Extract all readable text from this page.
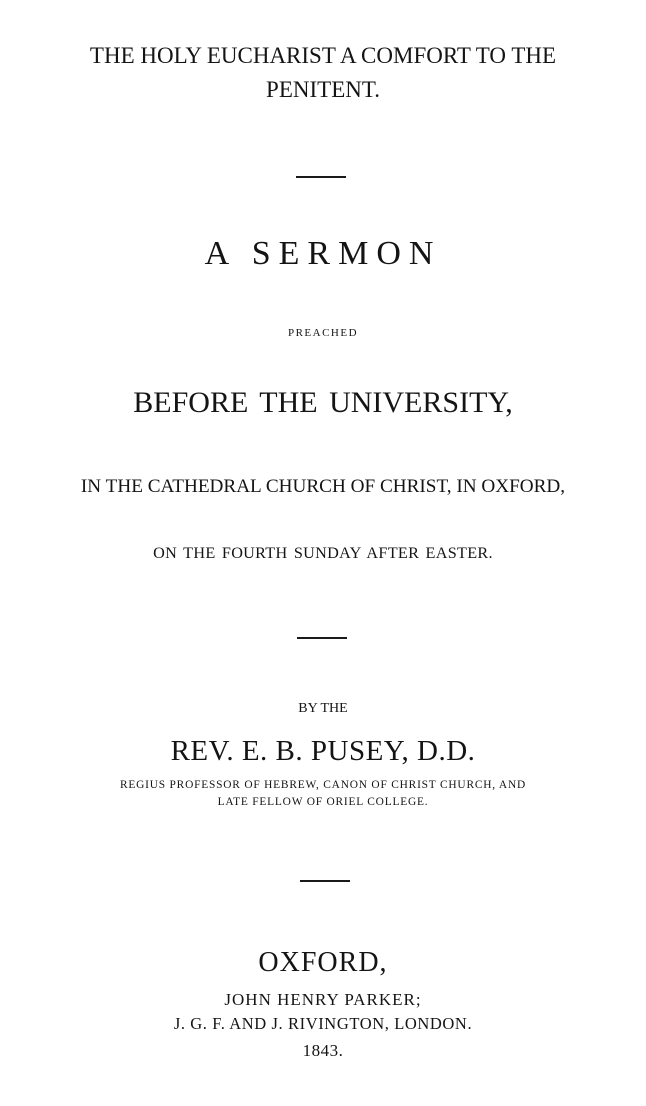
THE HOLY EUCHARIST A COMFORT TO THE
PENITENT.
A SERMON
PREACHED
BEFORE THE UNIVERSITY,
IN THE CATHEDRAL CHURCH OF CHRIST, IN OXFORD,
ON THE FOURTH SUNDAY AFTER EASTER.
BY THE
REV. E. B. PUSEY, D.D.
REGIUS PROFESSOR OF HEBREW, CANON OF CHRIST CHURCH, AND
LATE FELLOW OF ORIEL COLLEGE.
OXFORD,
JOHN HENRY PARKER;
J. G. F. AND J. RIVINGTON, LONDON.
1843.
